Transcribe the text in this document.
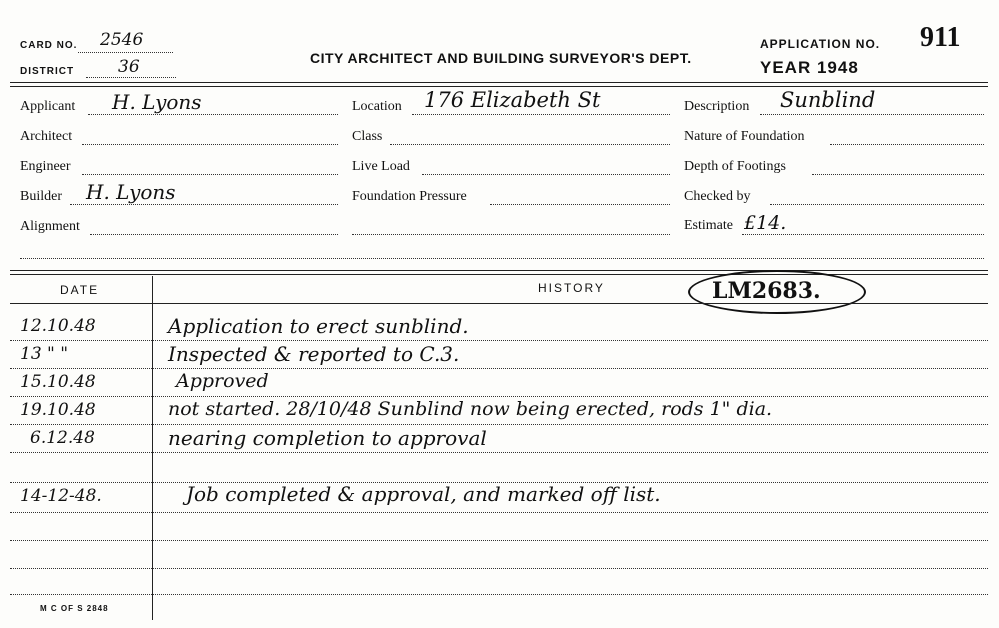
CARD NO. 2546
DISTRICT	36	CITY ARCHITECT AND BUILDING SURVEYOR'S DEPT.
APPLICATION NO. 911
YEAR 1948
Applicant H. Lyons
Architect
Engineer
Builder H. Lyons
Alignment
Location 176 Elizabeth St
Class
Live Load
Foundation Pressure
Description Sunblind
Nature of Foundation
Depth of Footings
Checked by
Estimate £14.
DATE	HISTORY	LM2683.
12.10.48	Application to erect sunblind.
13 " "	Inspected & reported to C.3.
15.10.48	Approved
19.10.48	not started. 28/10/48 Sunblind now being erected, rods 1" dia.
6.12.48	nearing completion to approval
14-12-48.	Job completed & approval, and marked off list.
M C OF S 2848
